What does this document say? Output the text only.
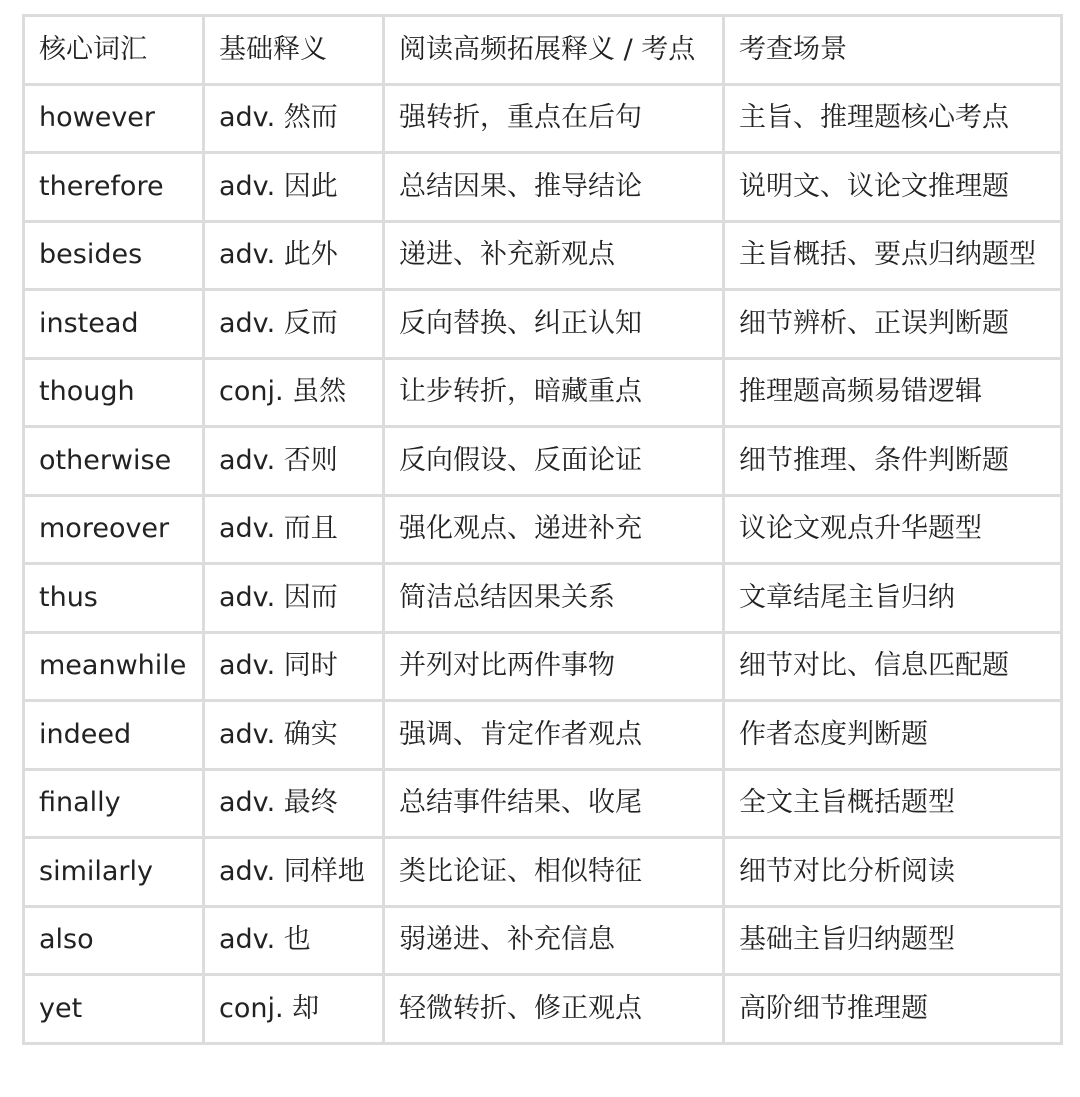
核心词汇	基础释义	阅读高频拓展释义 / 考点	考查场景
however	adv. 然而	强转折，重点在后句	主旨、推理题核心考点
therefore	adv. 因此	总结因果、推导结论	说明文、议论文推理题
besides	adv. 此外	递进、补充新观点	主旨概括、要点归纳题型
instead	adv. 反而	反向替换、纠正认知	细节辨析、正误判断题
though	conj. 虽然	让步转折，暗藏重点	推理题高频易错逻辑
otherwise	adv. 否则	反向假设、反面论证	细节推理、条件判断题
moreover	adv. 而且	强化观点、递进补充	议论文观点升华题型
thus	adv. 因而	简洁总结因果关系	文章结尾主旨归纳
meanwhile	adv. 同时	并列对比两件事物	细节对比、信息匹配题
indeed	adv. 确实	强调、肯定作者观点	作者态度判断题
finally	adv. 最终	总结事件结果、收尾	全文主旨概括题型
similarly	adv. 同样地	类比论证、相似特征	细节对比分析阅读
also	adv. 也	弱递进、补充信息	基础主旨归纳题型
yet	conj. 却	轻微转折、修正观点	高阶细节推理题
